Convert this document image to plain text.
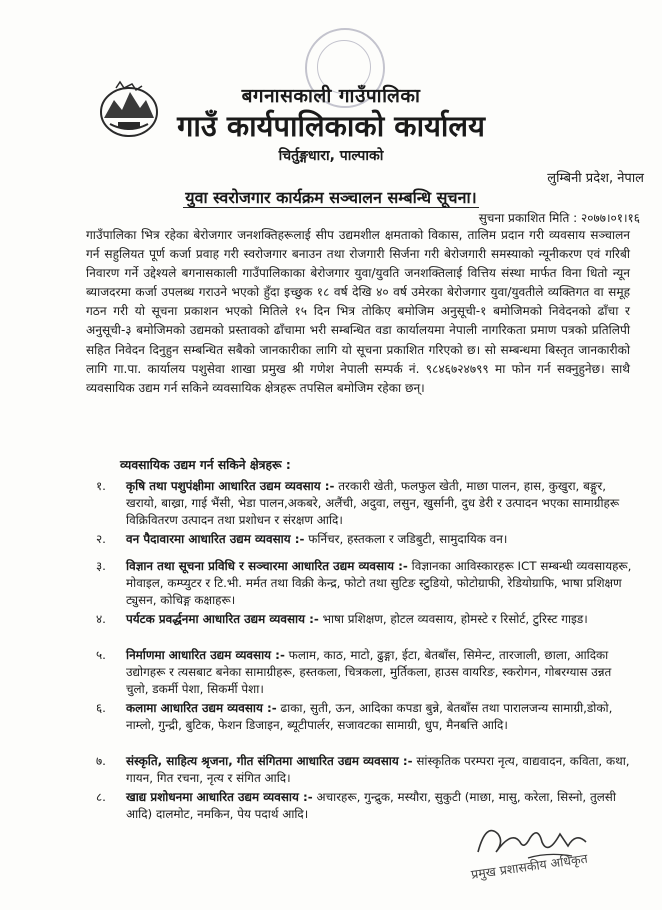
बगनासकाली गाउँपालिका
गाउँ कार्यपालिकाको कार्यालय
चिर्तुङ्गधारा, पाल्पाको
लुम्बिनी प्रदेश, नेपाल
युवा स्वरोजगार कार्यक्रम सञ्चालन सम्बन्धि सूचना।
सुचना प्रकाशित मिति : २०७७।०१।१६
गाउँपालिका भित्र रहेका बेरोजगार जनशक्तिहरूलाई सीप उद्यमशील क्षमताको विकास, तालिम प्रदान गरी व्यवसाय सञ्चालन गर्न सहुलियत पूर्ण कर्जा प्रवाह गरी स्वरोजगार बनाउन तथा रोजगारी सिर्जना गरी बेरोजगारी समस्याको न्यूनीकरण एवं गरिबी निवारण गर्ने उद्देश्यले बगनासकाली गाउँपालिकाका बेरोजगार युवा/युवति जनशक्तिलाई वित्तिय संस्था मार्फत विना धितो न्यून ब्याजदरमा कर्जा उपलब्ध गराउने भएको हुँदा इच्छुक १८ वर्ष देखि ४० वर्ष उमेरका बेरोजगार युवा/युवतीले व्यक्तिगत वा समूह गठन गरी यो सूचना प्रकाशन भएको मितिले १५ दिन भित्र तोकिए बमोजिम अनुसूची-१ बमोजिमको निवेदनको ढाँचा र अनुसूची-३ बमोजिमको उद्यमको प्रस्तावको ढाँचामा भरी सम्बन्धित वडा कार्यालयमा नेपाली नागरिकता प्रमाण पत्रको प्रतिलिपी सहित निवेदन दिनुहुन सम्बन्धित सबैको जानकारीका लागि यो सूचना प्रकाशित गरिएको छ। सो सम्बन्धमा बिस्तृत जानकारीको लागि गा.पा. कार्यालय पशुसेवा शाखा प्रमुख श्री गणेश नेपाली सम्पर्क नं. ९८४६७२४७९९ मा फोन गर्न सक्नुहुनेछ। साथै व्यवसायिक उद्यम गर्न सकिने व्यवसायिक क्षेत्रहरू तपसिल बमोजिम रहेका छन्।
व्यवसायिक उद्यम गर्न सकिने क्षेत्रहरू :
१.	कृषि तथा पशुपंक्षीमा आधारित उद्यम व्यवसाय :- तरकारी खेती, फलफुल खेती, माछा पालन, हास, कुखुरा, बङ्गुर, खरायो, बाख्रा, गाई भैंसी, भेडा पालन,अकबरे, अलैंची, अदुवा, लसुन, खुर्सानी, दुध डेरी र उत्पादन भएका सामाग्रीहरू विक्रिवितरण उत्पादन तथा प्रशोधन र संरक्षण आदि।
२.	वन पैदावारमा आधारित उद्यम व्यवसाय :- फर्निचर, हस्तकला र जडिबुटी, सामुदायिक वन।
३.	विज्ञान तथा सूचना प्रविधि र सञ्चारमा आधारित उद्यम व्यवसाय :- विज्ञानका आविस्कारहरू ICT सम्बन्धी व्यवसायहरू, मोवाइल, कम्प्युटर र टि.भी. मर्मत तथा विक्री केन्द्र, फोटो तथा सुटिङ स्टुडियो, फोटोग्राफी, रेडियोग्राफि, भाषा प्रशिक्षण ट्युसन, कोचिङ्ग कक्षाहरू।
४.	पर्यटक प्रवर्द्धनमा आधारित उद्यम व्यवसाय :- भाषा प्रशिक्षण, होटल व्यवसाय, होमस्टे र रिसोर्ट, टुरिस्ट गाइड।
५.	निर्माणमा आधारित उद्यम व्यवसाय :- फलाम, काठ, माटो, ढुङ्गा, ईटा, बेतबाँस, सिमेन्ट, तारजाली, छाला, आदिका उद्योगहरू र त्यसबाट बनेका सामाग्रीहरू, हस्तकला, चित्रकला, मुर्तिकला, हाउस वायरिङ, स्करोगन, गोबरग्यास उन्नत चुलो, डकर्मी पेशा, सिकर्मी पेशा।
६.	कलामा आधारित उद्यम व्यवसाय :- ढाका, सुती, ऊन, आदिका कपडा बुन्ने, बेतबाँस तथा पारालजन्य सामाग्री,डोको, नाम्लो, गुन्द्री, बुटिक, फेशन डिजाइन, ब्यूटीपार्लर, सजावटका सामाग्री, धुप, मैनबत्ति आदि।
७.	संस्कृति, साहित्य श्रृजना, गीत संगितमा आधारित उद्यम व्यवसाय :- सांस्कृतिक परम्परा नृत्य, वाद्यवादन, कविता, कथा, गायन, गित रचना, नृत्य र संगित आदि।
८.	खाद्य प्रशोधनमा आधारित उद्यम व्यवसाय :- अचारहरू, गुन्द्रुक, मस्यौरा, सुकुटी (माछा, मासु, करेला, सिस्नो, तुलसी आदि) दालमोट, नमकिन, पेय पदार्थ आदि।
प्रमुख प्रशासकीय अधिकृत
